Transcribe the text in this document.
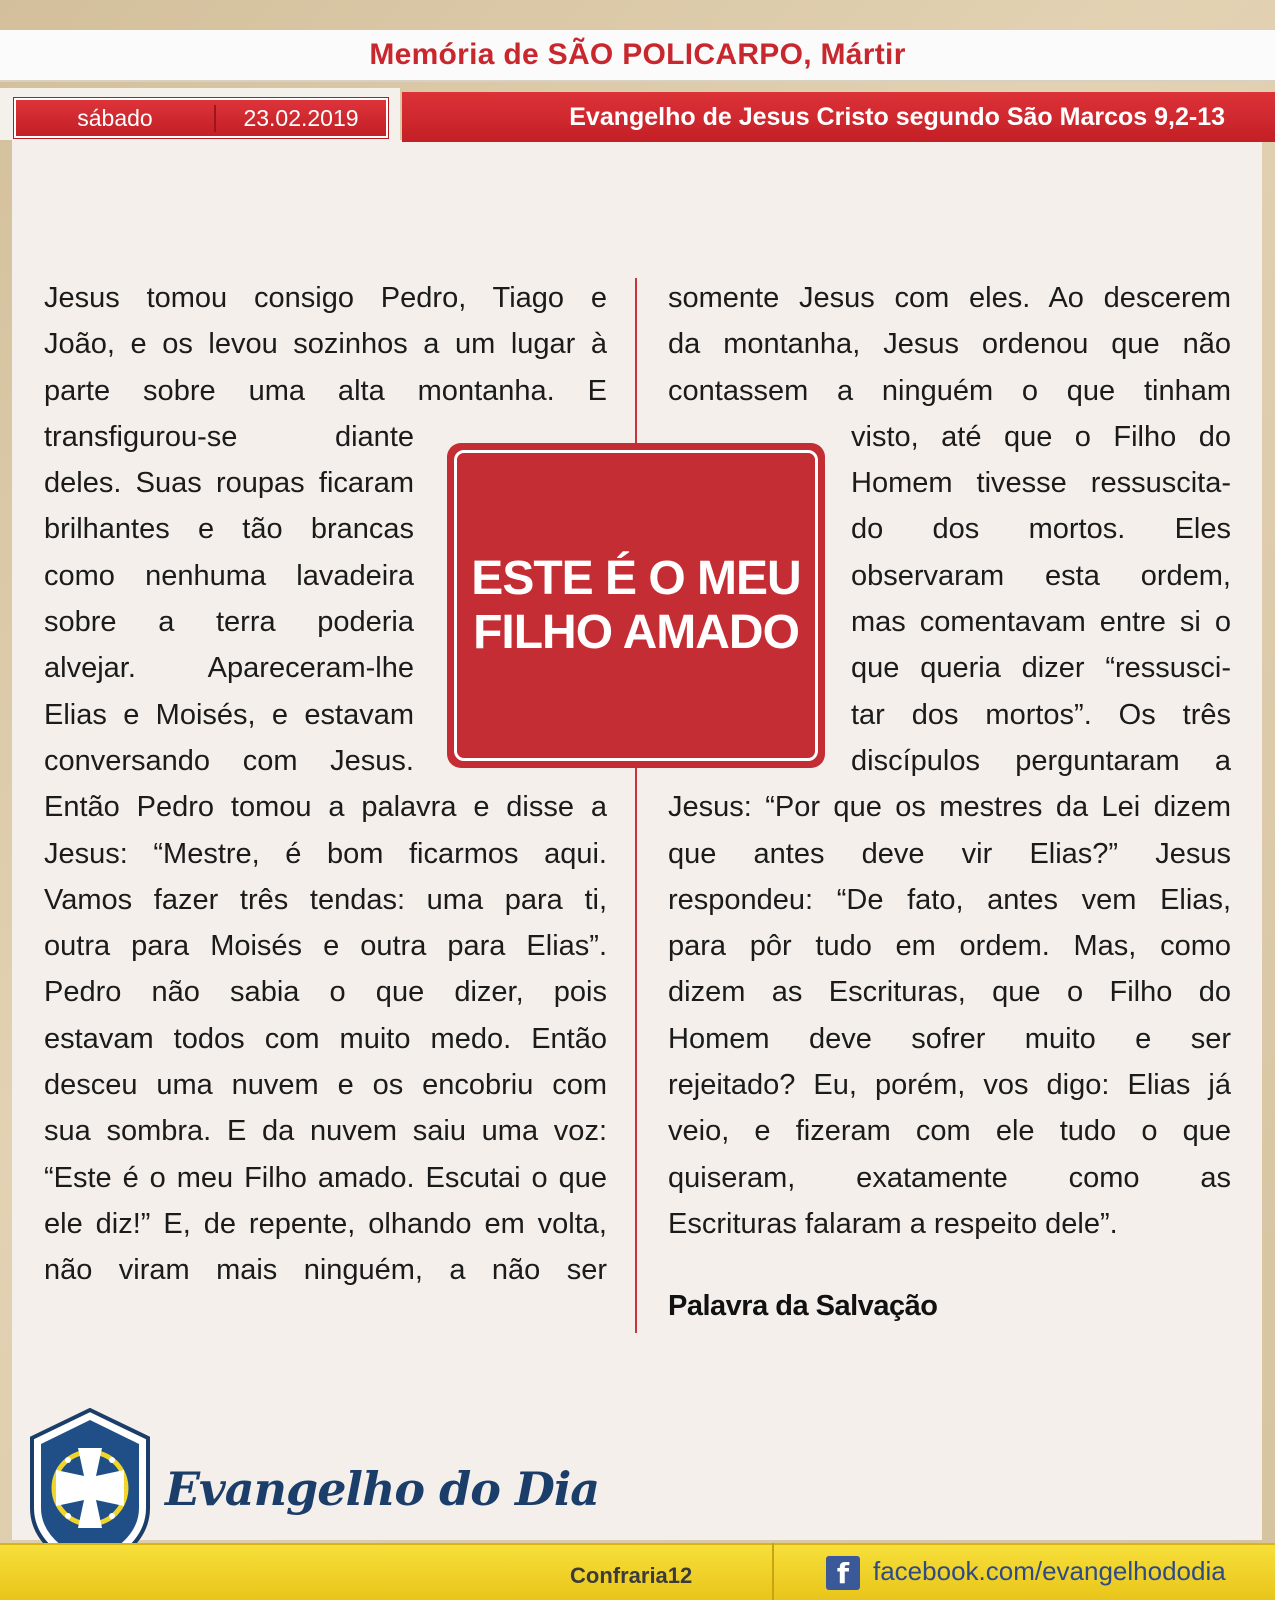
Memória de SÃO POLICARPO, Mártir
sábado	23.02.2019	Evangelho de Jesus Cristo segundo São Marcos 9,2-13
Jesus tomou consigo Pedro, Tiago e
João, e os levou sozinhos a um lugar à
parte sobre uma alta montanha. E
transfigurou-se diante
deles. Suas roupas ficaram
brilhantes e tão brancas
como nenhuma lavadeira
sobre a terra poderia
alvejar. Apareceram-lhe
Elias e Moisés, e estavam
conversando com Jesus.
Então Pedro tomou a palavra e disse a
Jesus: “Mestre, é bom ficarmos aqui.
Vamos fazer três tendas: uma para ti,
outra para Moisés e outra para Elias”.
Pedro não sabia o que dizer, pois
estavam todos com muito medo. Então
desceu uma nuvem e os encobriu com
sua sombra. E da nuvem saiu uma voz:
“Este é o meu Filho amado. Escutai o que
ele diz!” E, de repente, olhando em volta,
não viram mais ninguém, a não ser
somente Jesus com eles. Ao descerem
da montanha, Jesus ordenou que não
contassem a ninguém o que tinham
visto, até que o Filho do
Homem tivesse ressuscita-
do dos mortos. Eles
observaram esta ordem,
mas comentavam entre si o
que queria dizer “ressusci-
tar dos mortos”. Os três
discípulos perguntaram a
Jesus: “Por que os mestres da Lei dizem
que antes deve vir Elias?” Jesus
respondeu: “De fato, antes vem Elias,
para pôr tudo em ordem. Mas, como
dizem as Escrituras, que o Filho do
Homem deve sofrer muito e ser
rejeitado? Eu, porém, vos digo: Elias já
veio, e fizeram com ele tudo o que
quiseram, exatamente como as
Escrituras falaram a respeito dele”.
ESTE É O MEU FILHO AMADO
Palavra da Salvação
Evangelho do Dia
Confraria12	f facebook.com/evangelhododia
